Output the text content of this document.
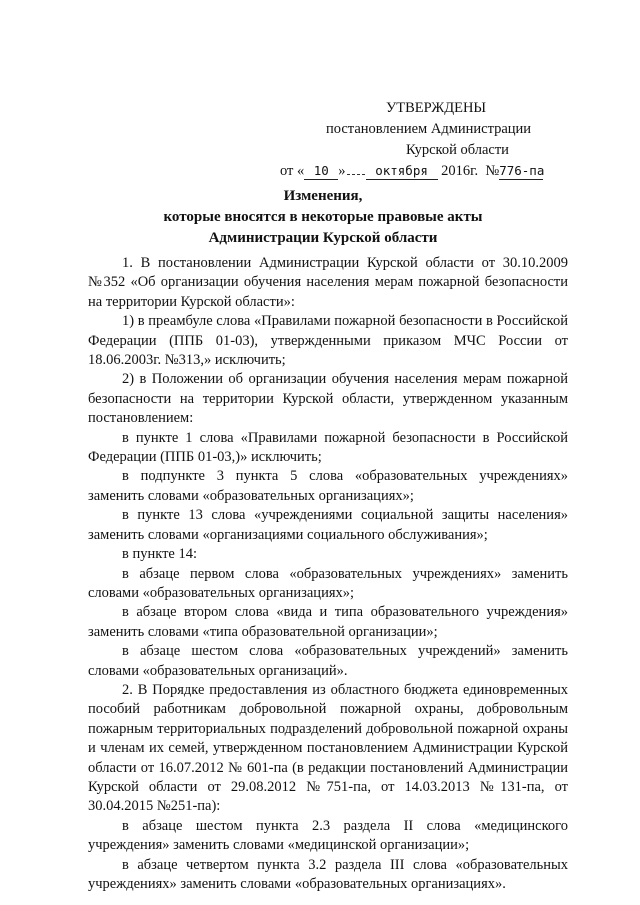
УТВЕРЖДЕНЫ
постановлением Администрации
Курской области
от « 10 » октября 2016г. №776-па
Изменения,
которые вносятся в некоторые правовые акты
Администрации Курской области

1. В постановлении Администрации Курской области от 30.10.2009 №352 «Об организации обучения населения мерам пожарной безопасности на территории Курской области»:

1) в преамбуле слова «Правилами пожарной безопасности в Российской Федерации (ППБ 01-03), утвержденными приказом МЧС России от 18.06.2003г. №313,» исключить;

2) в Положении об организации обучения населения мерам пожарной безопасности на территории Курской области, утвержденном указанным постановлением:

в пункте 1 слова «Правилами пожарной безопасности в Российской Федерации (ППБ 01-03,)» исключить;

в подпункте 3 пункта 5 слова «образовательных учреждениях» заменить словами «образовательных организациях»;

в пункте 13 слова «учреждениями социальной защиты населения» заменить словами «организациями социального обслуживания»;

в пункте 14:

в абзаце первом слова «образовательных учреждениях» заменить словами «образовательных организациях»;

в абзаце втором слова «вида и типа образовательного учреждения» заменить словами «типа образовательной организации»;

в абзаце шестом слова «образовательных учреждений» заменить словами «образовательных организаций».

2. В Порядке предоставления из областного бюджета единовременных пособий работникам добровольной пожарной охраны, добровольным пожарным территориальных подразделений добровольной пожарной охраны и членам их семей, утвержденном постановлением Администрации Курской области от 16.07.2012 № 601-па (в редакции постановлений Администрации Курской области от 29.08.2012 №751-па, от 14.03.2013 №131-па, от 30.04.2015 №251-па):

в абзаце шестом пункта 2.3 раздела II слова «медицинского учреждения» заменить словами «медицинской организации»;

в абзаце четвертом пункта 3.2 раздела III слова «образовательных учреждениях» заменить словами «образовательных организациях».
